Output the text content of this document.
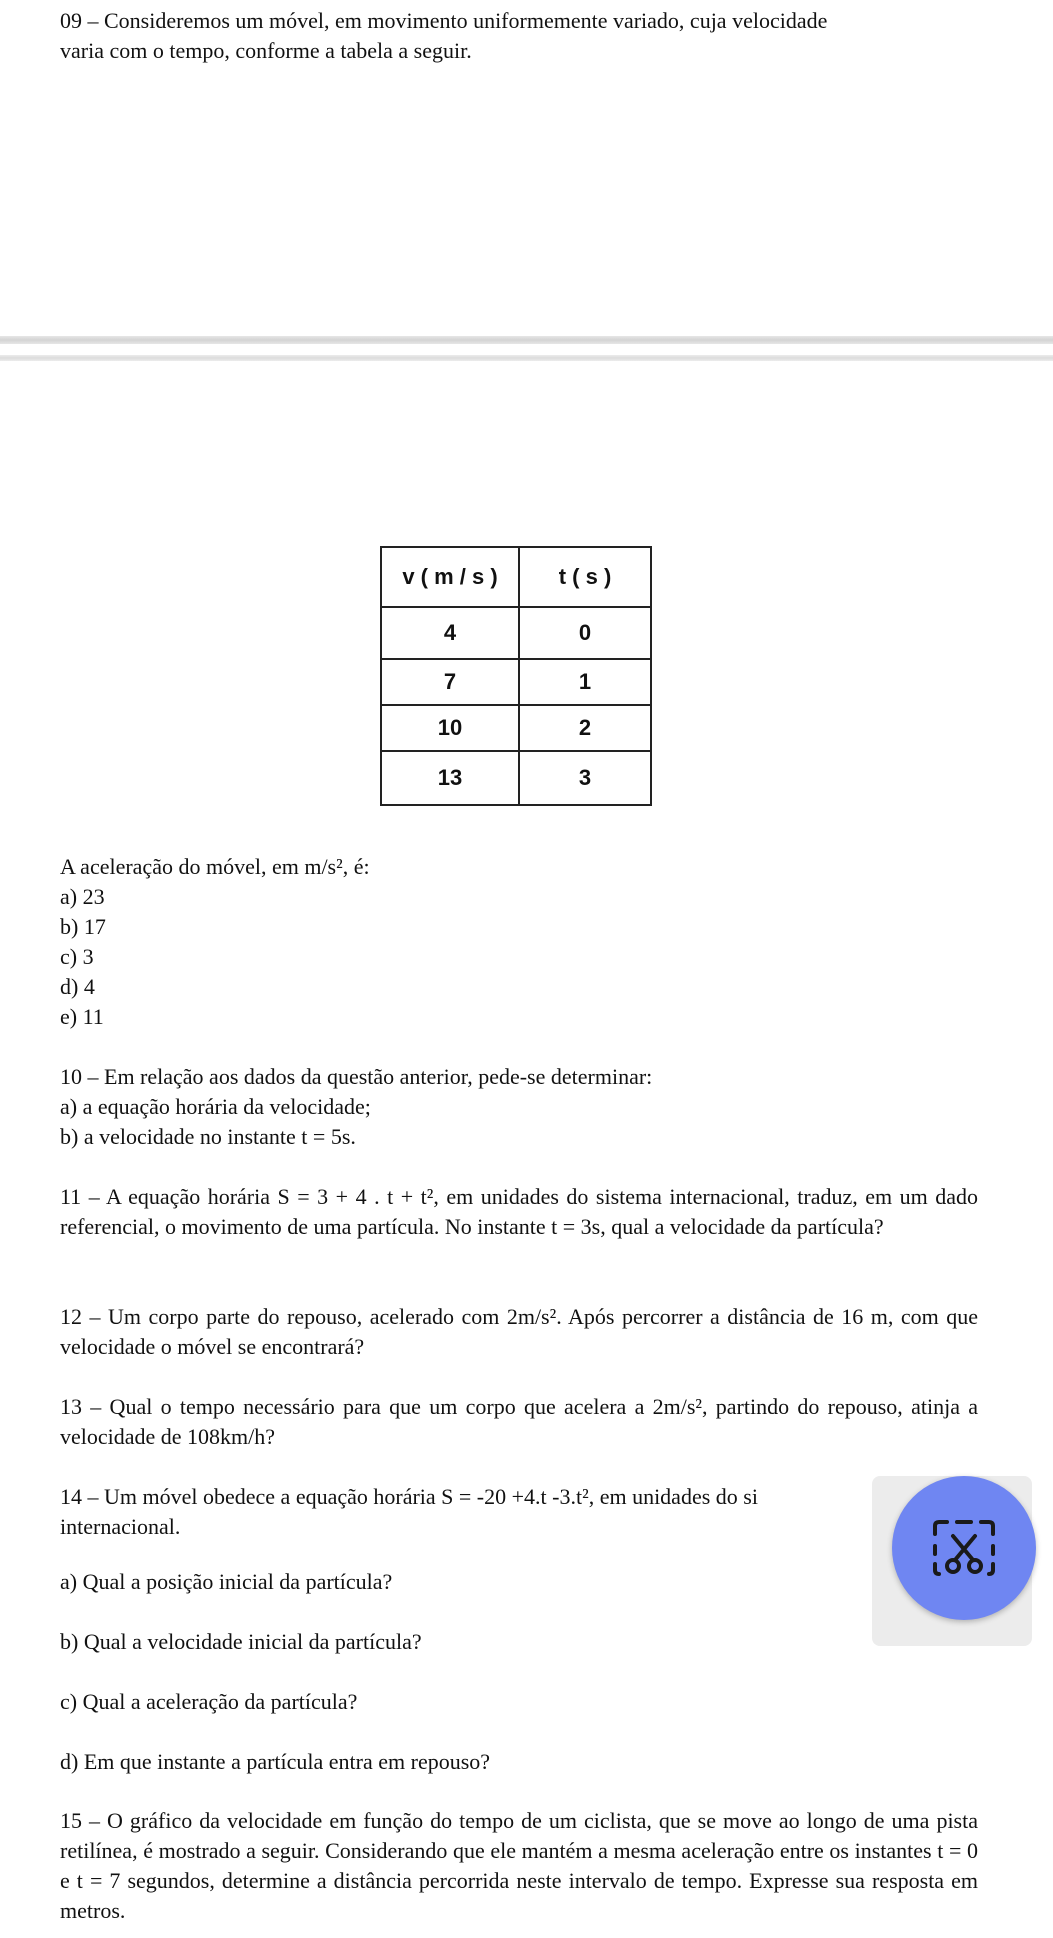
09 – Consideremos um móvel, em movimento uniformemente variado, cuja velocidade

varia com o tempo, conforme a tabela a seguir.

v ( m / s )	t ( s )
4	0
7	1
10	2
13	3

A aceleração do móvel, em m/s², é:

a) 23

b) 17

c) 3

d) 4

e) 11

10 – Em relação aos dados da questão anterior, pede-se determinar:

a) a equação horária da velocidade;

b) a velocidade no instante t = 5s.

11 – A equação horária S = 3 + 4 . t + t², em unidades do sistema internacional, traduz, em um dado referencial, o movimento de uma partícula. No instante t = 3s, qual a velocidade da partícula?

12 – Um corpo parte do repouso, acelerado com 2m/s². Após percorrer a distância de 16 m, com que velocidade o móvel se encontrará?

13 – Qual o tempo necessário para que um corpo que acelera a 2m/s², partindo do repouso, atinja a velocidade de 108km/h?

14 – Um móvel obedece a equação horária S = -20 +4.t -3.t², em unidades do si

internacional.

a) Qual a posição inicial da partícula?

b) Qual a velocidade inicial da partícula?

c) Qual a aceleração da partícula?

d) Em que instante a partícula entra em repouso?

15 – O gráfico da velocidade em função do tempo de um ciclista, que se move ao longo de uma pista retilínea, é mostrado a seguir. Considerando que ele mantém a mesma aceleração entre os instantes t = 0 e t = 7 segundos, determine a distância percorrida neste intervalo de tempo. Expresse sua resposta em metros.
